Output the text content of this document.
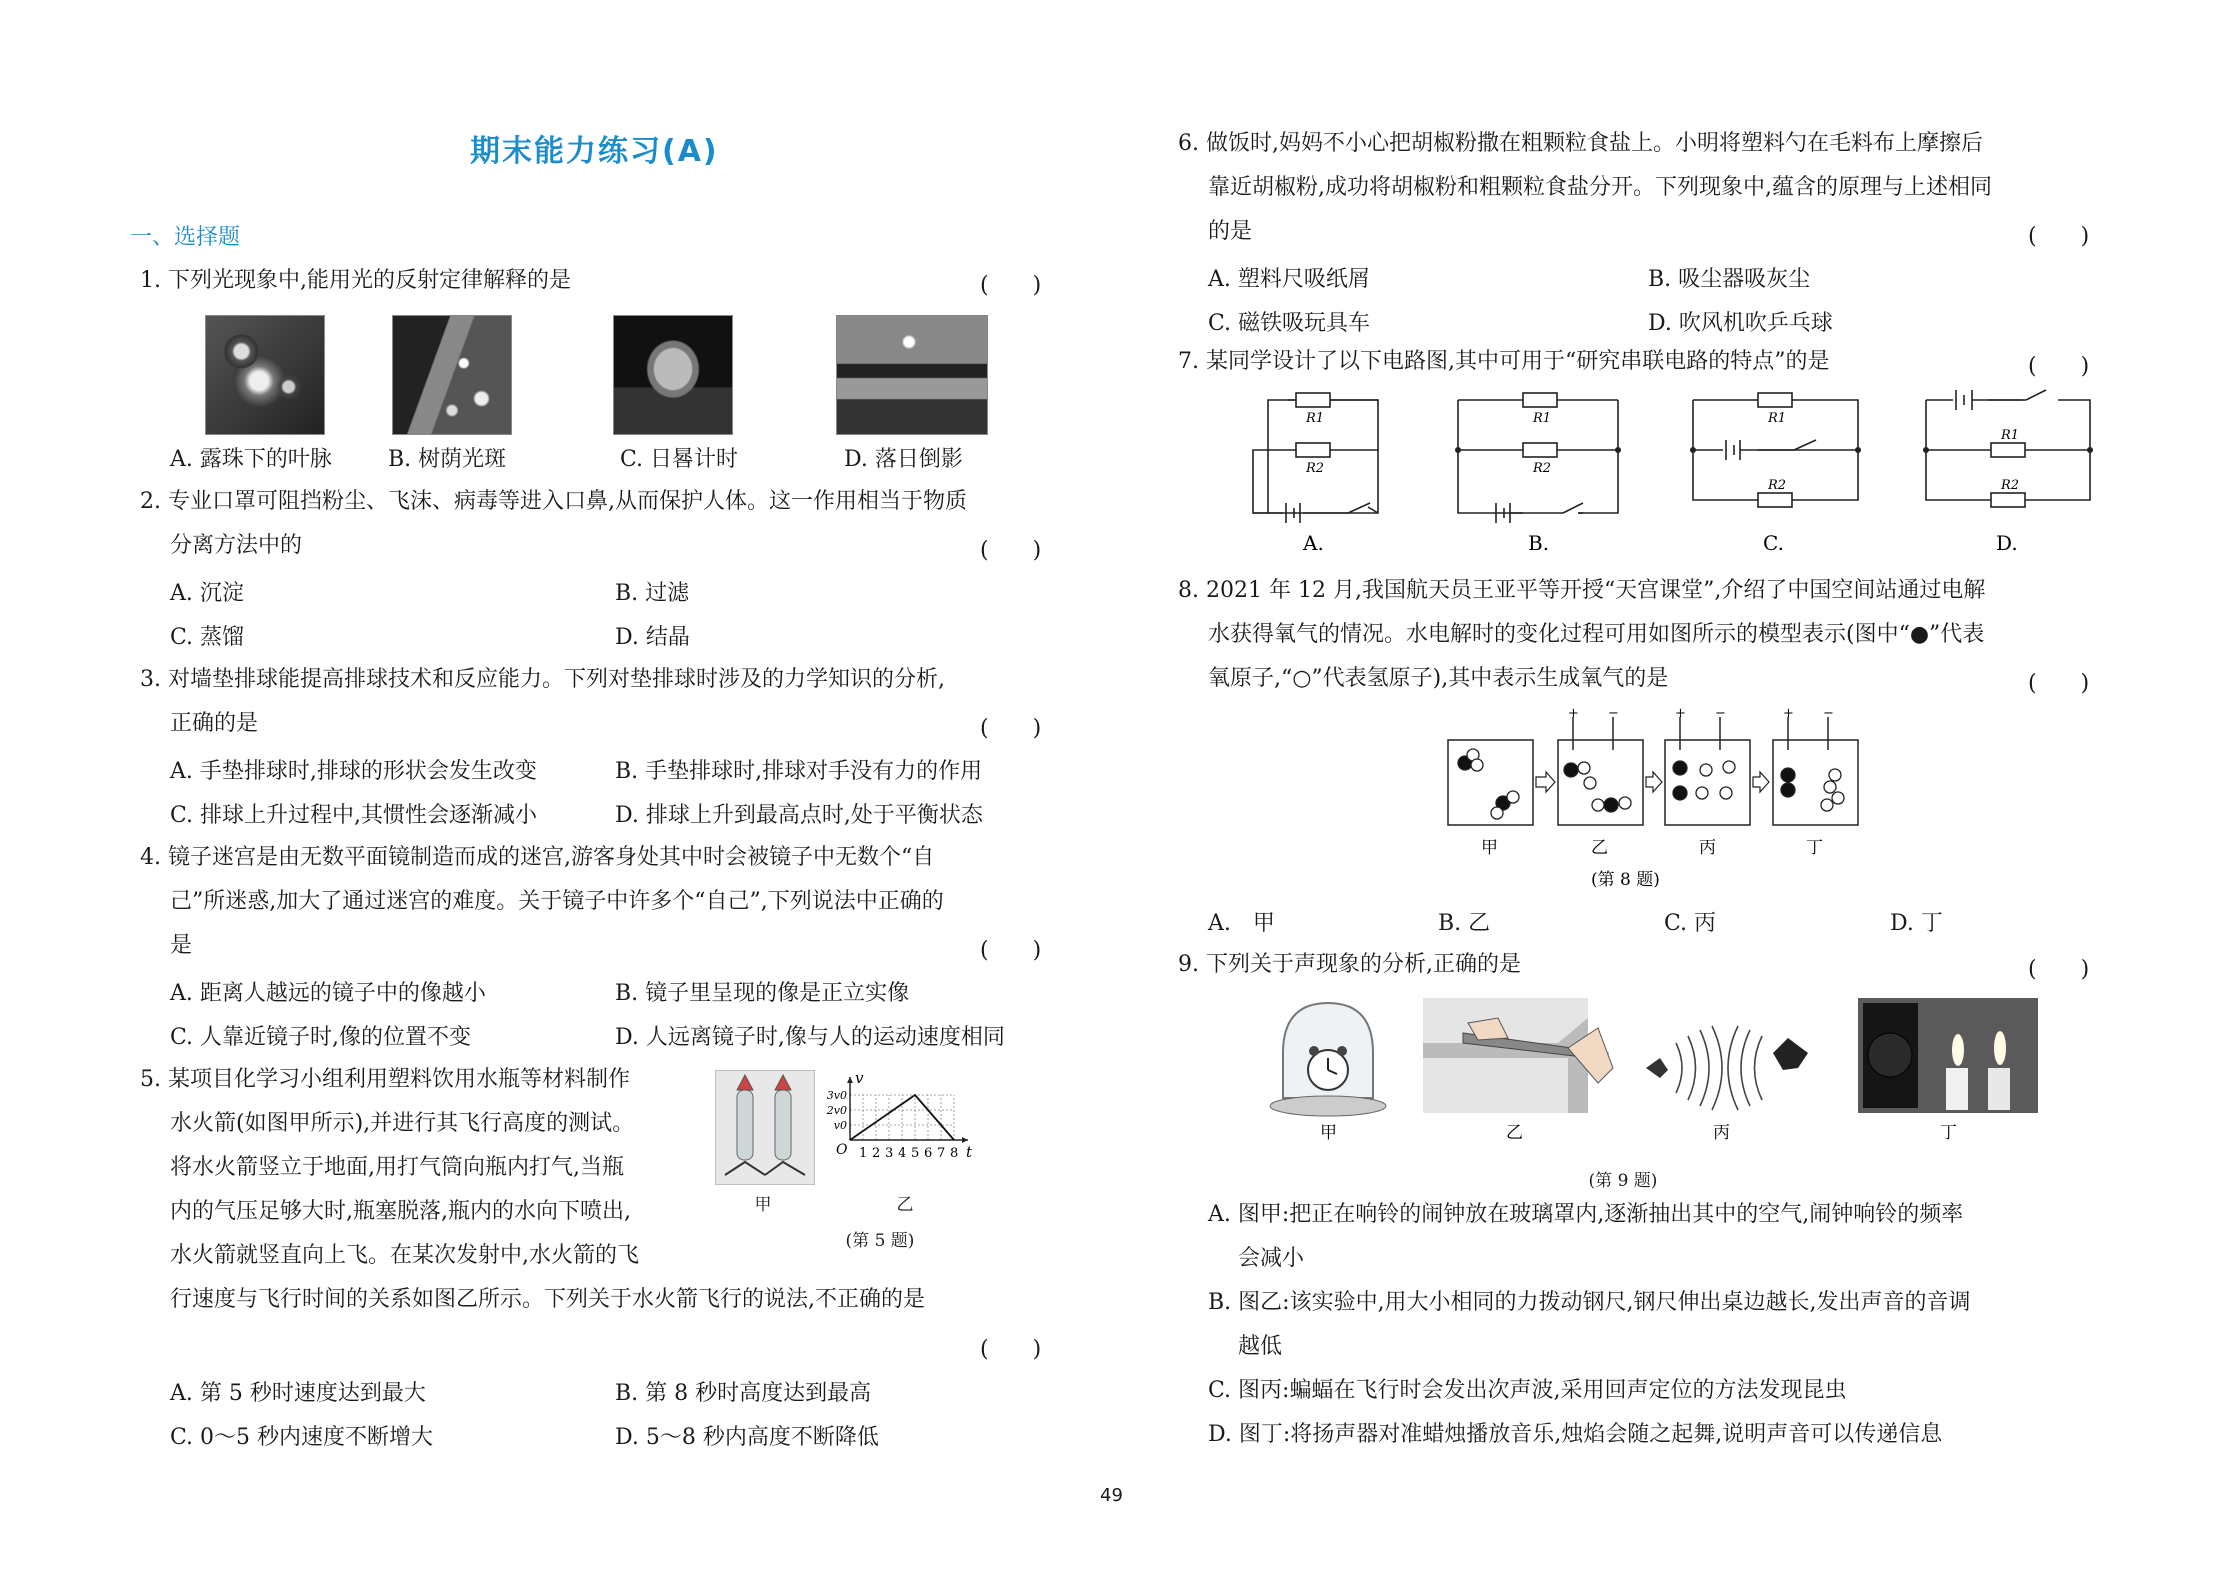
期末能力练习(A)
一、选择题
1. 下列光现象中,能用光的反射定律解释的是	(　　)
A. 露珠下的叶脉	B. 树荫光斑	C. 日晷计时	D. 落日倒影
2. 专业口罩可阻挡粉尘、飞沫、病毒等进入口鼻,从而保护人体。这一作用相当于物质
分离方法中的	(　　)
A. 沉淀	B. 过滤
C. 蒸馏	D. 结晶
3. 对墙垫排球能提高排球技术和反应能力。下列对垫排球时涉及的力学知识的分析,
正确的是	(　　)
A. 手垫排球时,排球的形状会发生改变	B. 手垫排球时,排球对手没有力的作用
C. 排球上升过程中,其惯性会逐渐减小	D. 排球上升到最高点时,处于平衡状态
4. 镜子迷宫是由无数平面镜制造而成的迷宫,游客身处其中时会被镜子中无数个“自
己”所迷惑,加大了通过迷宫的难度。关于镜子中许多个“自己”,下列说法中正确的
是	(　　)
A. 距离人越远的镜子中的像越小	B. 镜子里呈现的像是正立实像
C. 人靠近镜子时,像的位置不变	D. 人远离镜子时,像与人的运动速度相同
5. 某项目化学习小组利用塑料饮用水瓶等材料制作
水火箭(如图甲所示),并进行其飞行高度的测试。
将水火箭竖立于地面,用打气筒向瓶内打气,当瓶
内的气压足够大时,瓶塞脱落,瓶内的水向下喷出,
水火箭就竖直向上飞。在某次发射中,水火箭的飞
行速度与飞行时间的关系如图乙所示。下列关于水火箭飞行的说法,不正确的是
(　　)
甲
1 2 3 4 5 6 7 8
v0
2v0
3v0
O	t
v
乙
(第 5 题)
A. 第 5 秒时速度达到最大	B. 第 8 秒时高度达到最高
C. 0～5 秒内速度不断增大	D. 5～8 秒内高度不断降低
6. 做饭时,妈妈不小心把胡椒粉撒在粗颗粒食盐上。小明将塑料勺在毛料布上摩擦后
靠近胡椒粉,成功将胡椒粉和粗颗粒食盐分开。下列现象中,蕴含的原理与上述相同
的是	(　　)
A. 塑料尺吸纸屑	B. 吸尘器吸灰尘
C. 磁铁吸玩具车	D. 吹风机吹乒乓球
7. 某同学设计了以下电路图,其中可用于“研究串联电路的特点”的是	(　　)
R1
R2
R1
R2
R1
R2
R1
R2
A.	B.	C.	D.
8. 2021 年 12 月,我国航天员王亚平等开授“天宫课堂”,介绍了中国空间站通过电解
水获得氧气的情况。水电解时的变化过程可用如图所示的模型表示(图中“●”代表
氧原子,“○”代表氢原子),其中表示生成氧气的是	(　　)
+ −	+ −	+ −
甲	乙	丙	丁
(第 8 题)
A.　甲	B. 乙	C. 丙	D. 丁
9. 下列关于声现象的分析,正确的是	(　　)
甲	乙	丙	丁
(第 9 题)
A. 图甲:把正在响铃的闹钟放在玻璃罩内,逐渐抽出其中的空气,闹钟响铃的频率
会减小
B. 图乙:该实验中,用大小相同的力拨动钢尺,钢尺伸出桌边越长,发出声音的音调
越低
C. 图丙:蝙蝠在飞行时会发出次声波,采用回声定位的方法发现昆虫
D. 图丁:将扬声器对准蜡烛播放音乐,烛焰会随之起舞,说明声音可以传递信息
49
